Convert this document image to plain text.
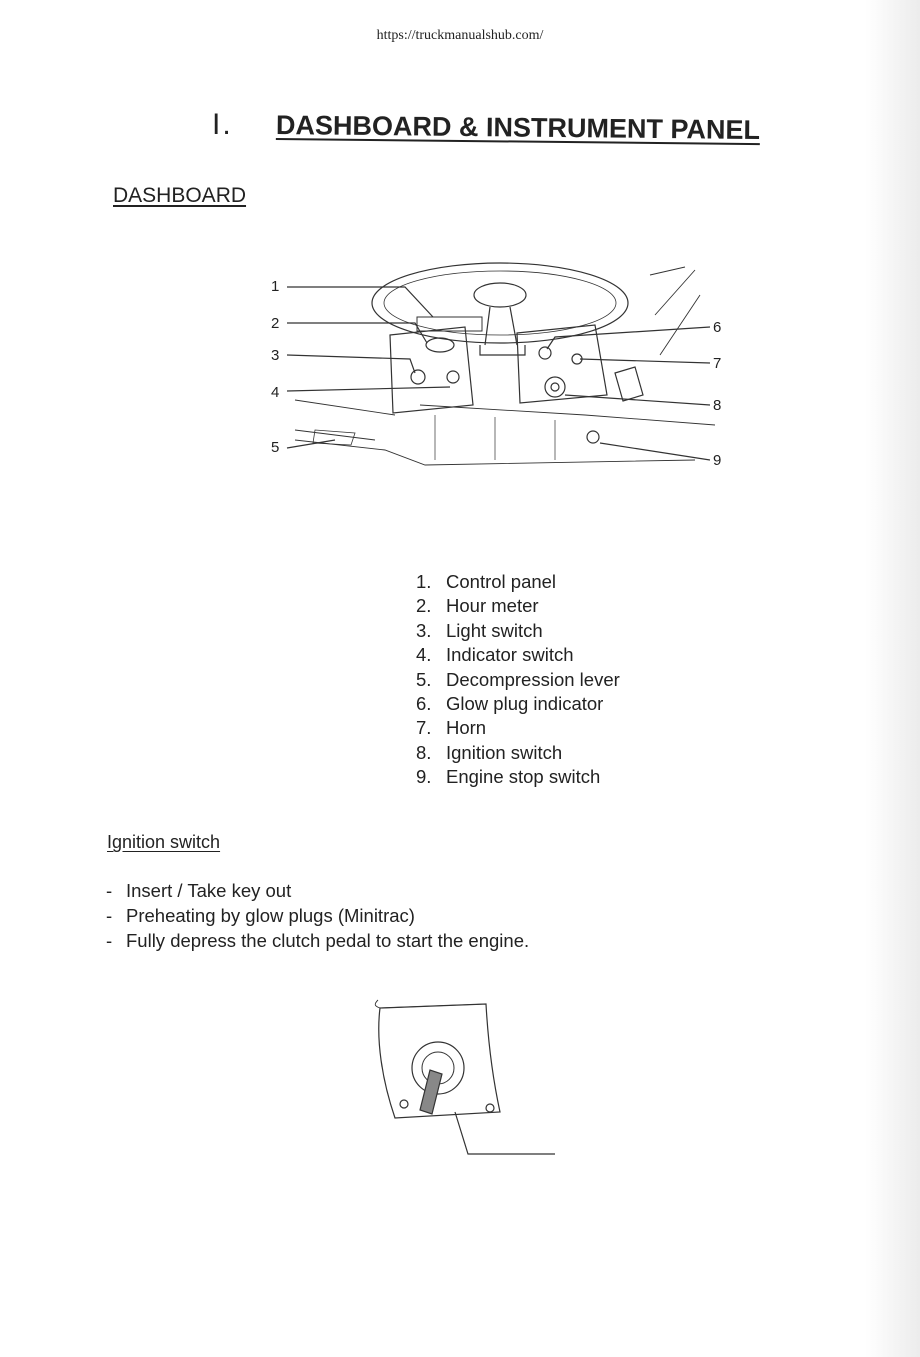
https://truckmanualshub.com/
I. DASHBOARD & INSTRUMENT PANEL
DASHBOARD
1
2
3
4
5
6
7
8
9
1. Control panel
2. Hour meter
3. Light switch
4. Indicator switch
5. Decompression lever
6. Glow plug indicator
7. Horn
8. Ignition switch
9. Engine stop switch
Ignition switch
- Insert / Take key out
- Preheating by glow plugs (Minitrac)
- Fully depress the clutch pedal to start the engine.
